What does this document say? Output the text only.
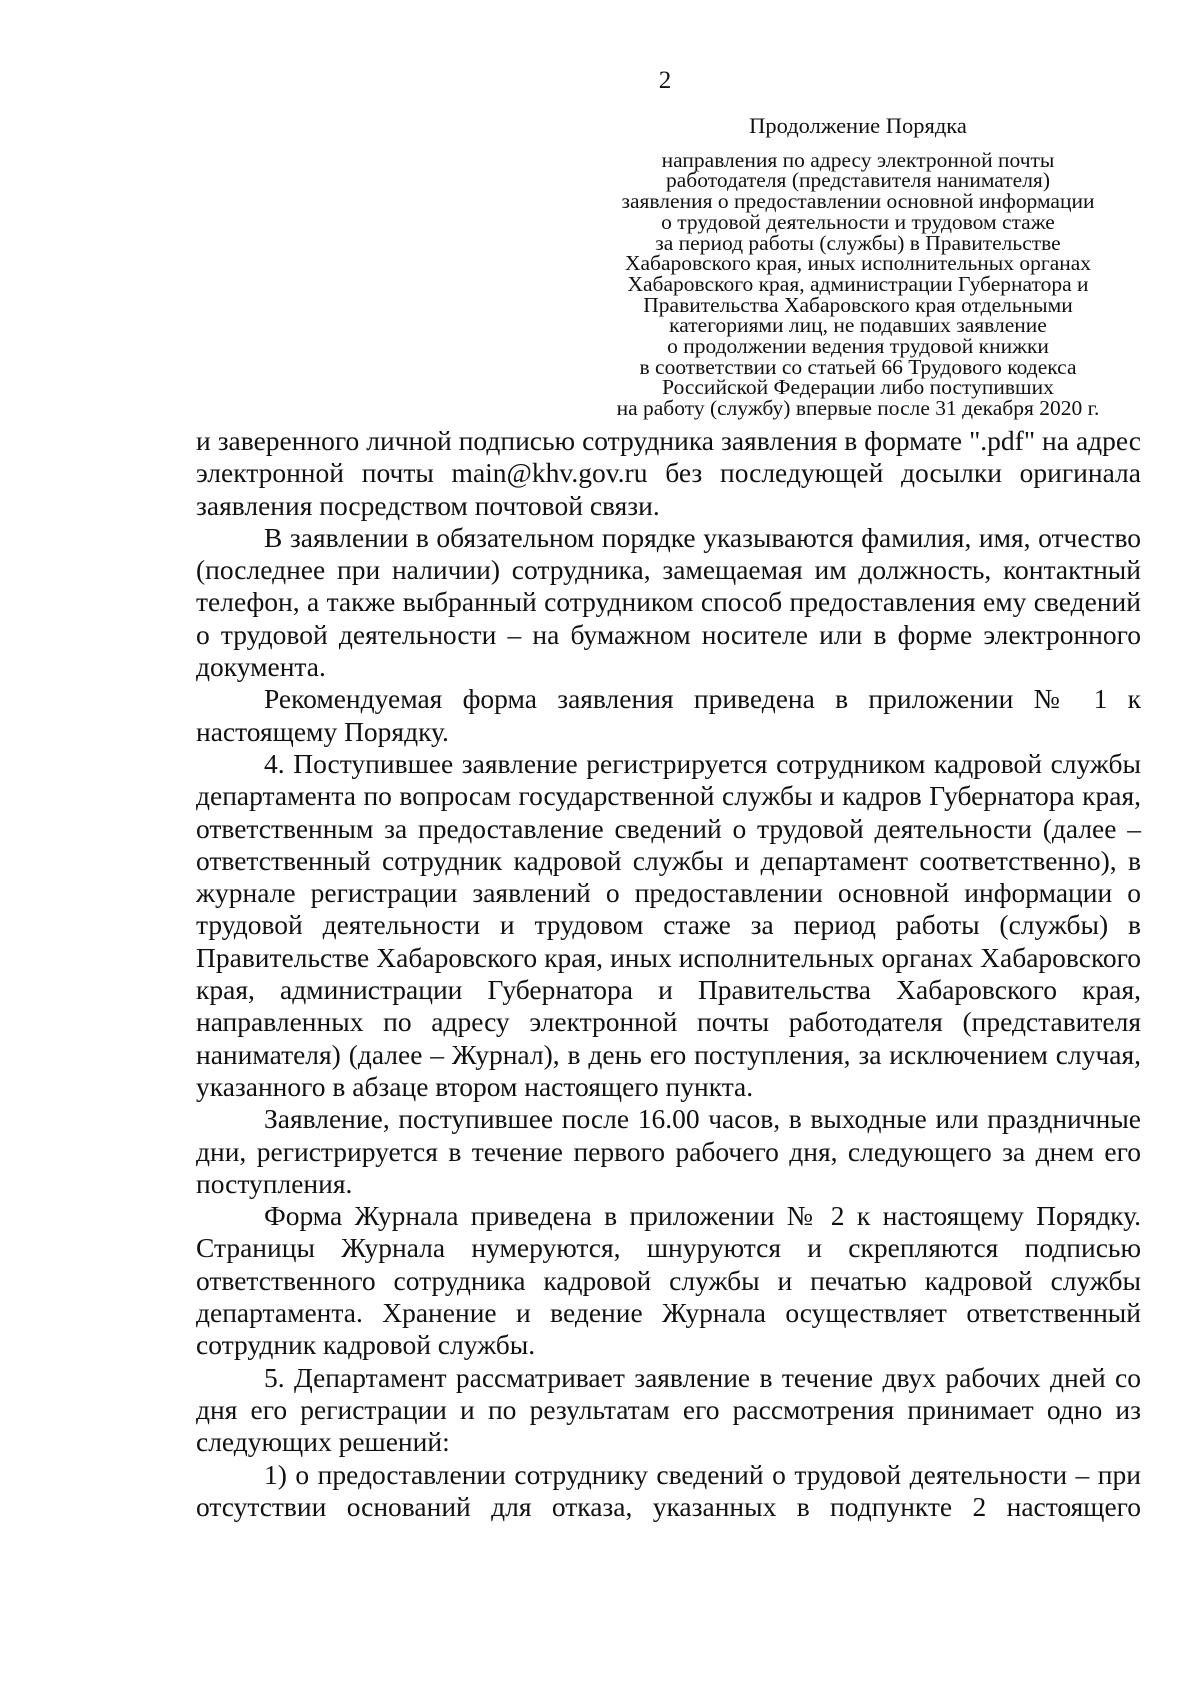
2
Продолжение Порядка
направления по адресу электронной почты
работодателя (представителя нанимателя)
заявления о предоставлении основной информации
о трудовой деятельности и трудовом стаже
за период работы (службы) в Правительстве
Хабаровского края, иных исполнительных органах
Хабаровского края, администрации Губернатора и
Правительства Хабаровского края отдельными
категориями лиц, не подавших заявление
о продолжении ведения трудовой книжки
в соответствии со статьей 66 Трудового кодекса
Российской Федерации либо поступивших
на работу (службу) впервые после 31 декабря 2020 г.

и заверенного личной подписью сотрудника заявления в формате ".pdf" на адрес электронной почты main@khv.gov.ru без последующей досылки оригинала заявления посредством почтовой связи.

В заявлении в обязательном порядке указываются фамилия, имя, отчество (последнее при наличии) сотрудника, замещаемая им должность, контактный телефон, а также выбранный сотрудником способ предоставления ему сведений о трудовой деятельности – на бумажном носителе или в форме электронного документа.

Рекомендуемая форма заявления приведена в приложении № 1 к настоящему Порядку.

4. Поступившее заявление регистрируется сотрудником кадровой службы департамента по вопросам государственной службы и кадров Губернатора края, ответственным за предоставление сведений о трудовой деятельности (далее – ответственный сотрудник кадровой службы и департамент соответственно), в журнале регистрации заявлений о предоставлении основной информации о трудовой деятельности и трудовом стаже за период работы (службы) в Правительстве Хабаровского края, иных исполнительных органах Хабаровского края, администрации Губернатора и Правительства Хабаровского края, направленных по адресу электронной почты работодателя (представителя нанимателя) (далее – Журнал), в день его поступления, за исключением случая, указанного в абзаце втором настоящего пункта.

Заявление, поступившее после 16.00 часов, в выходные или праздничные дни, регистрируется в течение первого рабочего дня, следующего за днем его поступления.

Форма Журнала приведена в приложении № 2 к настоящему Порядку. Страницы Журнала нумеруются, шнуруются и скрепляются подписью ответственного сотрудника кадровой службы и печатью кадровой службы департамента. Хранение и ведение Журнала осуществляет ответственный сотрудник кадровой службы.

5. Департамент рассматривает заявление в течение двух рабочих дней со дня его регистрации и по результатам его рассмотрения принимает одно из следующих решений:

1) о предоставлении сотруднику сведений о трудовой деятельности – при отсутствии оснований для отказа, указанных в подпункте 2 настоящего
